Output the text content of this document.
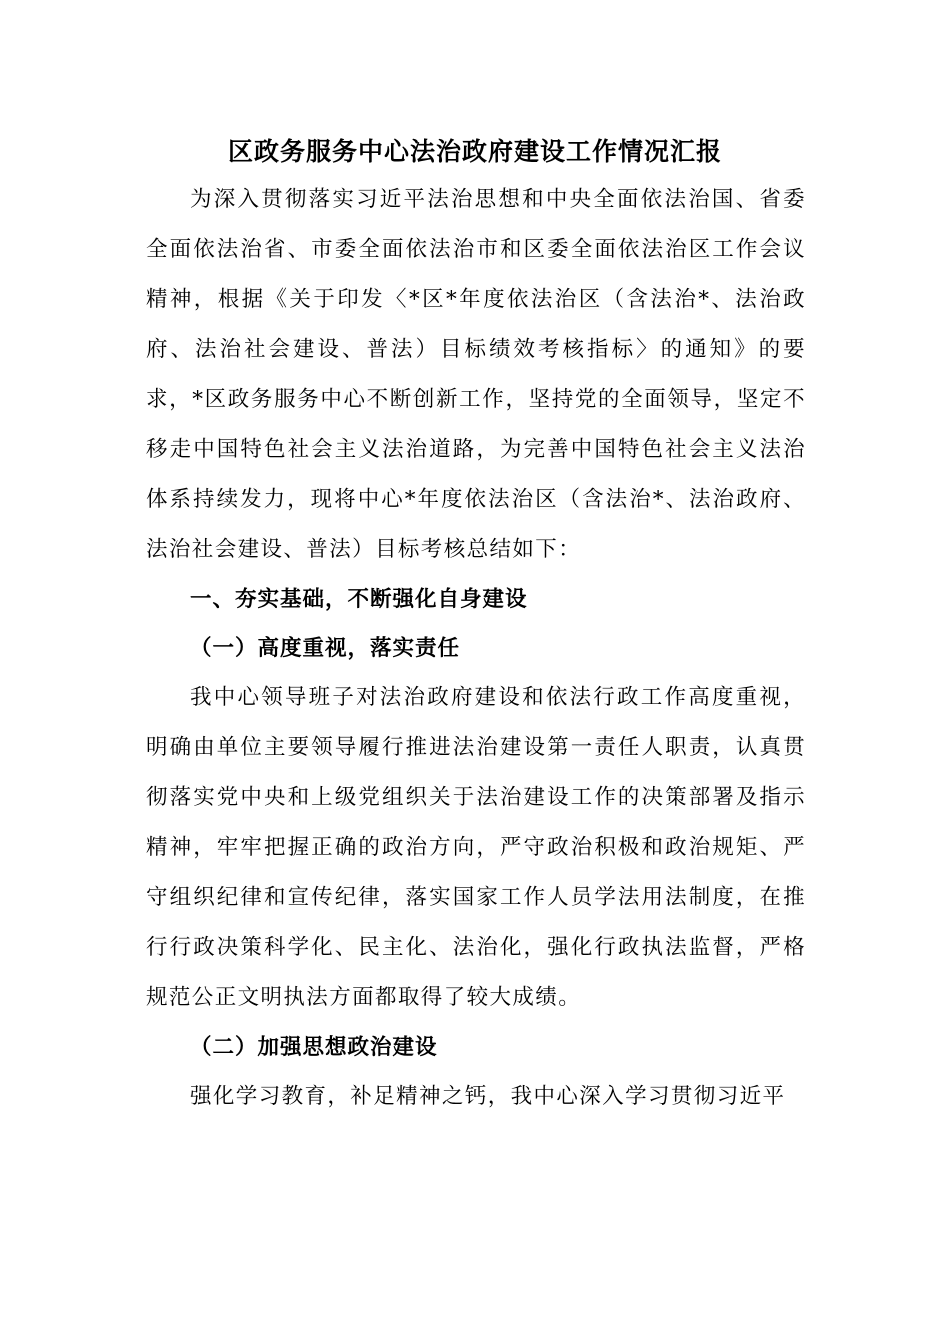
区政务服务中心法治政府建设工作情况汇报

为深入贯彻落实习近平法治思想和中央全面依法治国、省委全面依法治省、市委全面依法治市和区委全面依法治区工作会议精神，根据《关于印发〈*区*年度依法治区（含法治*、法治政府、法治社会建设、普法）目标绩效考核指标〉的通知》的要求，*区政务服务中心不断创新工作，坚持党的全面领导，坚定不移走中国特色社会主义法治道路，为完善中国特色社会主义法治体系持续发力，现将中心*年度依法治区（含法治*、法治政府、法治社会建设、普法）目标考核总结如下：

一、夯实基础，不断强化自身建设

（一）高度重视，落实责任

我中心领导班子对法治政府建设和依法行政工作高度重视，明确由单位主要领导履行推进法治建设第一责任人职责，认真贯彻落实党中央和上级党组织关于法治建设工作的决策部署及指示精神，牢牢把握正确的政治方向，严守政治积极和政治规矩、严守组织纪律和宣传纪律，落实国家工作人员学法用法制度，在推行行政决策科学化、民主化、法治化，强化行政执法监督，严格规范公正文明执法方面都取得了较大成绩。

（二）加强思想政治建设

强化学习教育，补足精神之钙，我中心深入学习贯彻习近平
